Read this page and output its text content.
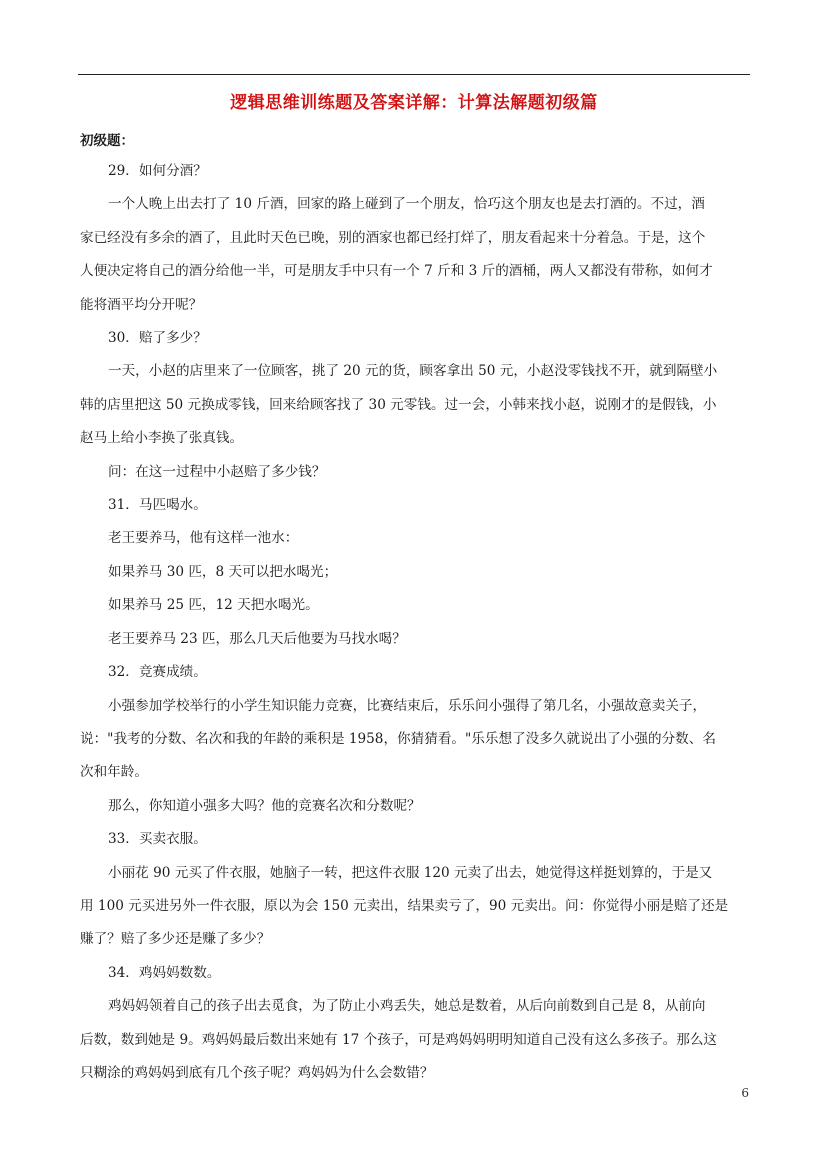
逻辑思维训练题及答案详解：计算法解题初级篇
初级题：

29．如何分酒？

一个人晚上出去打了 10 斤酒，回家的路上碰到了一个朋友，恰巧这个朋友也是去打酒的。不过，酒
家已经没有多余的酒了，且此时天色已晚，别的酒家也都已经打烊了，朋友看起来十分着急。于是，这个
人便决定将自己的酒分给他一半，可是朋友手中只有一个 7 斤和 3 斤的酒桶，两人又都没有带称，如何才
能将酒平均分开呢？

30．赔了多少？

一天，小赵的店里来了一位顾客，挑了 20 元的货，顾客拿出 50 元，小赵没零钱找不开，就到隔壁小
韩的店里把这 50 元换成零钱，回来给顾客找了 30 元零钱。过一会，小韩来找小赵，说刚才的是假钱，小
赵马上给小李换了张真钱。

问：在这一过程中小赵赔了多少钱？

31．马匹喝水。

老王要养马，他有这样一池水：

如果养马 30 匹，8 天可以把水喝光；

如果养马 25 匹，12 天把水喝光。

老王要养马 23 匹，那么几天后他要为马找水喝？

32．竞赛成绩。

小强参加学校举行的小学生知识能力竞赛，比赛结束后，乐乐问小强得了第几名，小强故意卖关子，
说："我考的分数、名次和我的年龄的乘积是 1958，你猜猜看。"乐乐想了没多久就说出了小强的分数、名
次和年龄。

那么，你知道小强多大吗？他的竞赛名次和分数呢？

33．买卖衣服。

小丽花 90 元买了件衣服，她脑子一转，把这件衣服 120 元卖了出去，她觉得这样挺划算的，于是又
用 100 元买进另外一件衣服，原以为会 150 元卖出，结果卖亏了，90 元卖出。问：你觉得小丽是赔了还是
赚了？赔了多少还是赚了多少？

34．鸡妈妈数数。

鸡妈妈领着自己的孩子出去觅食，为了防止小鸡丢失，她总是数着，从后向前数到自己是 8，从前向
后数，数到她是 9。鸡妈妈最后数出来她有 17 个孩子，可是鸡妈妈明明知道自己没有这么多孩子。那么这
只糊涂的鸡妈妈到底有几个孩子呢？鸡妈妈为什么会数错？

6
